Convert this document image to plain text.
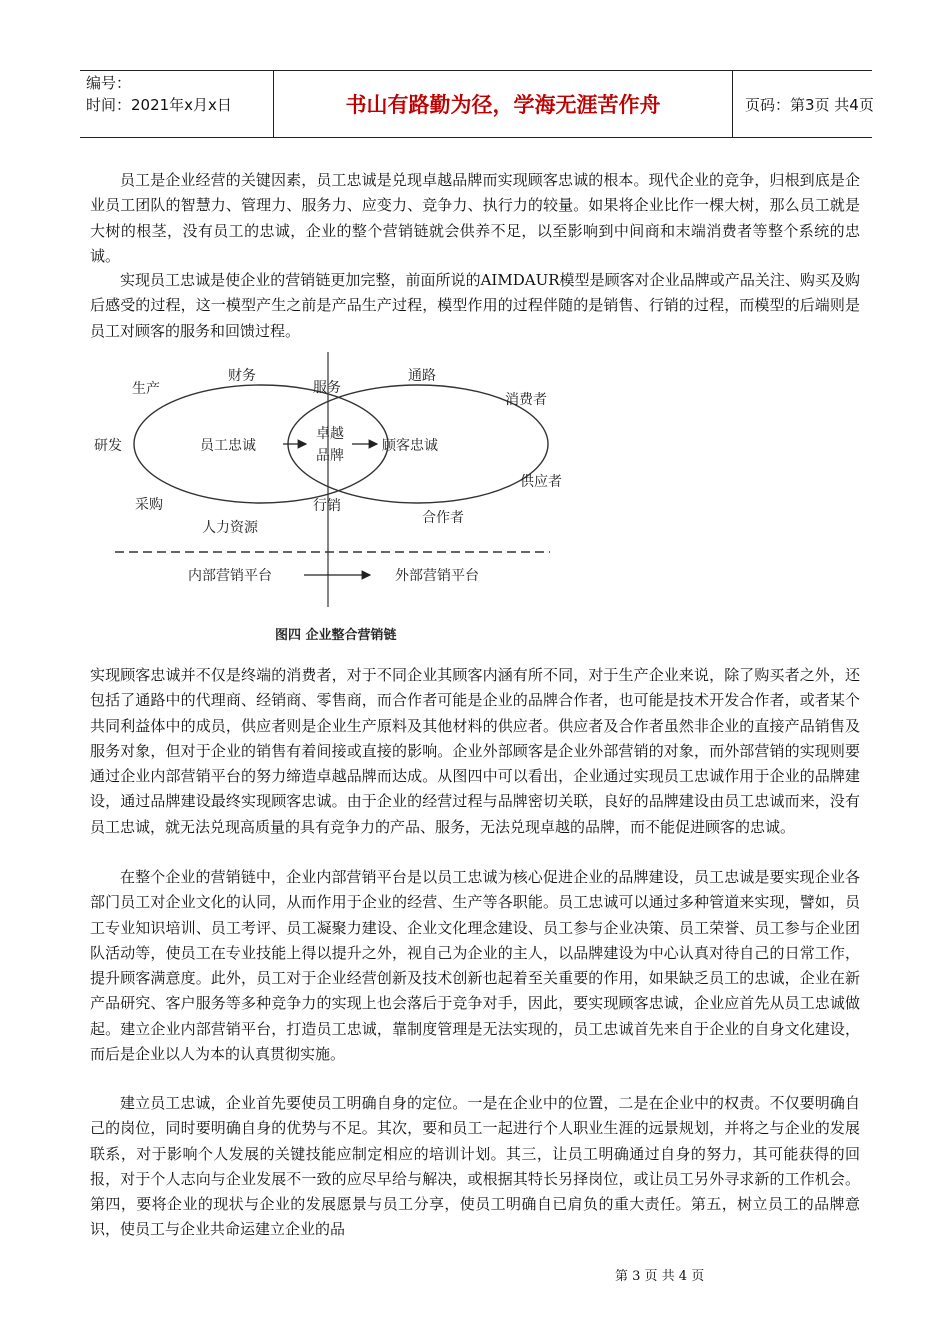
编号：
时间：2021年x月x日	书山有路勤为径，学海无涯苦作舟	页码：第3页 共4页

员工是企业经营的关键因素，员工忠诚是兑现卓越品牌而实现顾客忠诚的根本。现代企业的竞争，归根到底是企业员工团队的智慧力、管理力、服务力、应变力、竞争力、执行力的较量。如果将企业比作一棵大树，那么员工就是大树的根茎，没有员工的忠诚，企业的整个营销链就会供养不足，以至影响到中间商和末端消费者等整个系统的忠诚。

实现员工忠诚是使企业的营销链更加完整，前面所说的AIMDAUR模型是顾客对企业品牌或产品关注、购买及购后感受的过程，这一模型产生之前是产品生产过程，模型作用的过程伴随的是销售、行销的过程，而模型的后端则是员工对顾客的服务和回馈过程。

生产
财务
服务
通路
消费者
研发	员工忠诚
卓越
品牌
顾客忠诚
供应者
采购	行销
合作者
人力资源
内部营销平台	外部营销平台
图四 企业整合营销链

实现顾客忠诚并不仅是终端的消费者，对于不同企业其顾客内涵有所不同，对于生产企业来说，除了购买者之外，还包括了通路中的代理商、经销商、零售商，而合作者可能是企业的品牌合作者，也可能是技术开发合作者，或者某个共同利益体中的成员，供应者则是企业生产原料及其他材料的供应者。供应者及合作者虽然非企业的直接产品销售及服务对象，但对于企业的销售有着间接或直接的影响。企业外部顾客是企业外部营销的对象，而外部营销的实现则要通过企业内部营销平台的努力缔造卓越品牌而达成。从图四中可以看出，企业通过实现员工忠诚作用于企业的品牌建设，通过品牌建设最终实现顾客忠诚。由于企业的经营过程与品牌密切关联，良好的品牌建设由员工忠诚而来，没有员工忠诚，就无法兑现高质量的具有竞争力的产品、服务，无法兑现卓越的品牌，而不能促进顾客的忠诚。

在整个企业的营销链中，企业内部营销平台是以员工忠诚为核心促进企业的品牌建设，员工忠诚是要实现企业各部门员工对企业文化的认同，从而作用于企业的经营、生产等各职能。员工忠诚可以通过多种管道来实现，譬如，员工专业知识培训、员工考评、员工凝聚力建设、企业文化理念建设、员工参与企业决策、员工荣誉、员工参与企业团队活动等，使员工在专业技能上得以提升之外，视自己为企业的主人，以品牌建设为中心认真对待自己的日常工作，提升顾客满意度。此外，员工对于企业经营创新及技术创新也起着至关重要的作用，如果缺乏员工的忠诚，企业在新产品研究、客户服务等多种竞争力的实现上也会落后于竞争对手，因此，要实现顾客忠诚，企业应首先从员工忠诚做起。建立企业内部营销平台，打造员工忠诚，靠制度管理是无法实现的，员工忠诚首先来自于企业的自身文化建设，而后是企业以人为本的认真贯彻实施。

建立员工忠诚，企业首先要使员工明确自身的定位。一是在企业中的位置，二是在企业中的权责。不仅要明确自己的岗位，同时要明确自身的优势与不足。其次，要和员工一起进行个人职业生涯的远景规划，并将之与企业的发展联系，对于影响个人发展的关键技能应制定相应的培训计划。其三，让员工明确通过自身的努力，其可能获得的回报，对于个人志向与企业发展不一致的应尽早给与解决，或根据其特长另择岗位，或让员工另外寻求新的工作机会。第四，要将企业的现状与企业的发展愿景与员工分享，使员工明确自已肩负的重大责任。第五，树立员工的品牌意识，使员工与企业共命运建立企业的品

第 3 页 共 4 页
